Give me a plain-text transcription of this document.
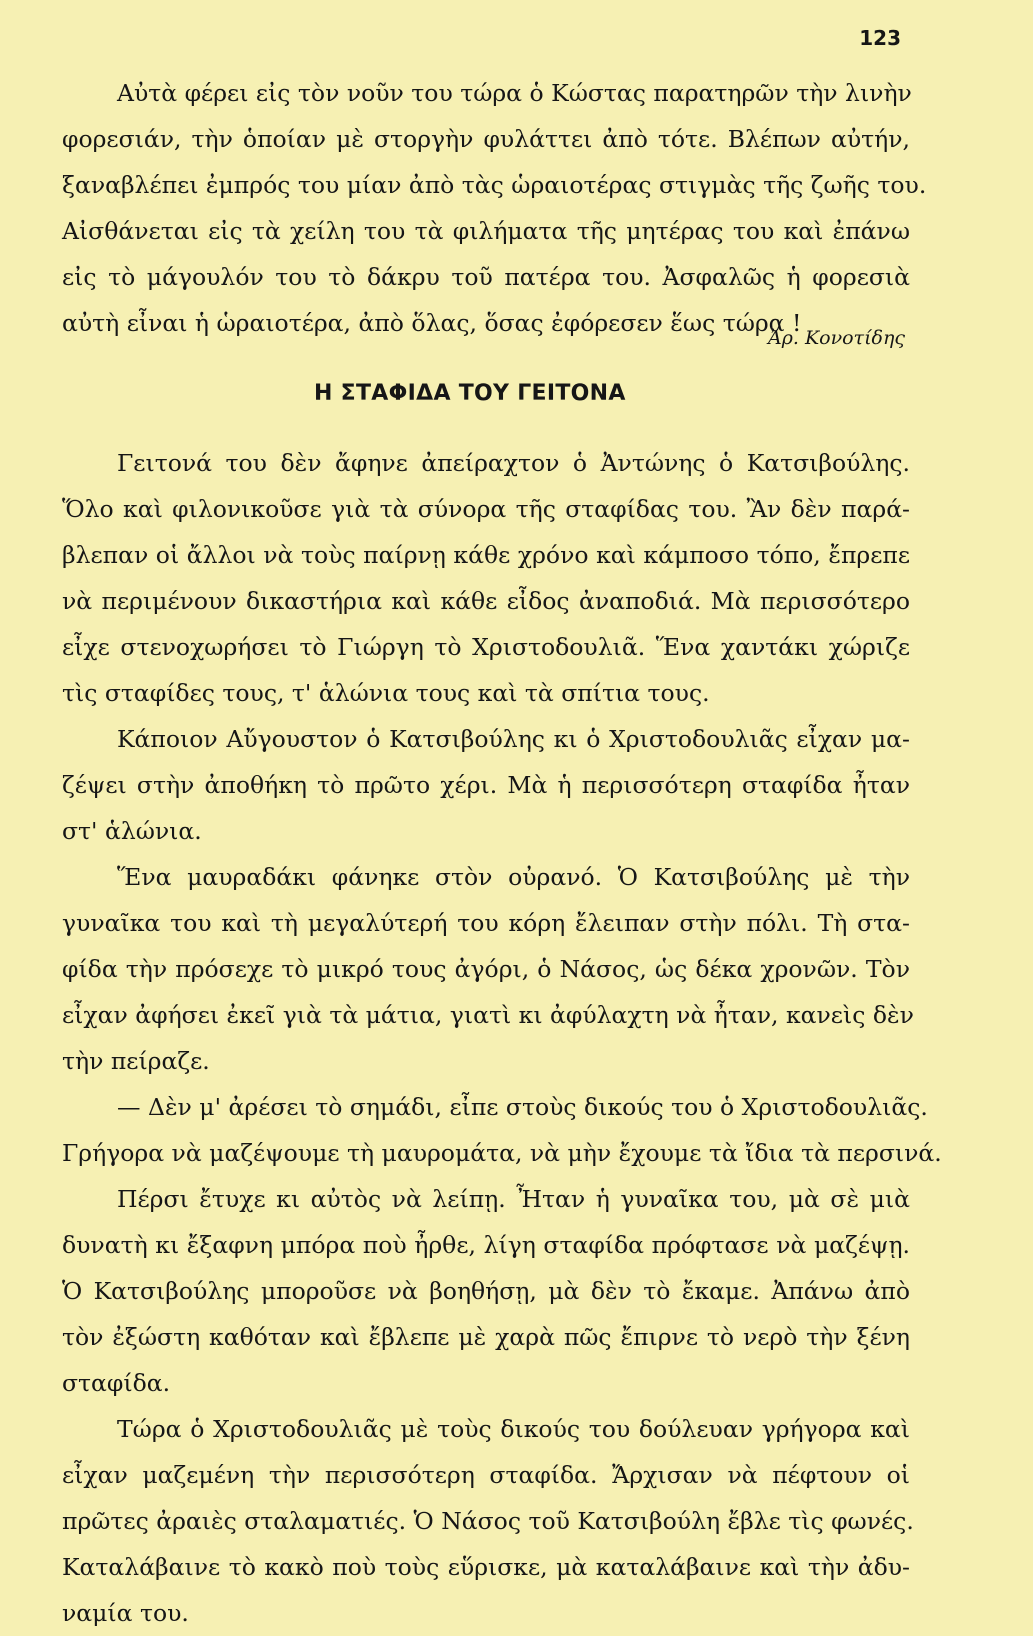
123
Αὐτὰ φέρει εἰς τὸν νοῦν του τώρα ὁ Κώστας παρατηρῶν τὴν λινὴν
φορεσιάν, τὴν ὁποίαν μὲ στοργὴν φυλάττει ἀπὸ τότε. Βλέπων αὐτήν,
ξαναβλέπει ἐμπρός του μίαν ἀπὸ τὰς ὡραιοτέρας στιγμὰς τῆς ζωῆς του.
Αἰσθάνεται εἰς τὰ χείλη του τὰ φιλήματα τῆς μητέρας του καὶ ἐπάνω
εἰς τὸ μάγουλόν του τὸ δάκρυ τοῦ πατέρα του. Ἀσφαλῶς ἡ φορεσιὰ
αὐτὴ εἶναι ἡ ὡραιοτέρα, ἀπὸ ὅλας, ὅσας ἐφόρεσεν ἕως τώρα !
Ἀρ. Κονοτίδης
Η ΣΤΑΦΙΔΑ ΤΟΥ ΓΕΙΤΟΝΑ
Γειτονά του δὲν ἄφηνε ἀπείραχτον ὁ Ἀντώνης ὁ Κατσιβούλης.
Ὅλο καὶ φιλονικοῦσε γιὰ τὰ σύνορα τῆς σταφίδας του. Ἂν δὲν παρά-
βλεπαν οἱ ἄλλοι νὰ τοὺς παίρνῃ κάθε χρόνο καὶ κάμποσο τόπο, ἔπρεπε
νὰ περιμένουν δικαστήρια καὶ κάθε εἶδος ἀναποδιά. Μὰ περισσότερο
εἶχε στενοχωρήσει τὸ Γιώργη τὸ Χριστοδουλιᾶ. Ἕνα χαντάκι χώριζε
τὶς σταφίδες τους, τ' ἁλώνια τους καὶ τὰ σπίτια τους.
Κάποιον Αὔγουστον ὁ Κατσιβούλης κι ὁ Χριστοδουλιᾶς εἶχαν μα-
ζέψει στὴν ἀποθήκη τὸ πρῶτο χέρι. Μὰ ἡ περισσότερη σταφίδα ἦταν
στ' ἁλώνια.
Ἕνα μαυραδάκι φάνηκε στὸν οὐρανό. Ὁ Κατσιβούλης μὲ τὴν
γυναῖκα του καὶ τὴ μεγαλύτερή του κόρη ἔλειπαν στὴν πόλι. Τὴ στα-
φίδα τὴν πρόσεχε τὸ μικρό τους ἀγόρι, ὁ Νάσος, ὡς δέκα χρονῶν. Τὸν
εἶχαν ἀφήσει ἐκεῖ γιὰ τὰ μάτια, γιατὶ κι ἀφύλαχτη νὰ ἦταν, κανεὶς δὲν
τὴν πείραζε.
— Δὲν μ' ἀρέσει τὸ σημάδι, εἶπε στοὺς δικούς του ὁ Χριστοδουλιᾶς.
Γρήγορα νὰ μαζέψουμε τὴ μαυρομάτα, νὰ μὴν ἔχουμε τὰ ἴδια τὰ περσινά.
Πέρσι ἔτυχε κι αὐτὸς νὰ λείπῃ. Ἦταν ἡ γυναῖκα του, μὰ σὲ μιὰ
δυνατὴ κι ἔξαφνη μπόρα ποὺ ἦρθε, λίγη σταφίδα πρόφτασε νὰ μαζέψῃ.
Ὁ Κατσιβούλης μποροῦσε νὰ βοηθήσῃ, μὰ δὲν τὸ ἔκαμε. Ἀπάνω ἀπὸ
τὸν ἐξώστη καθόταν καὶ ἔβλεπε μὲ χαρὰ πῶς ἔπιρνε τὸ νερὸ τὴν ξένη
σταφίδα.
Τώρα ὁ Χριστοδουλιᾶς μὲ τοὺς δικούς του δούλευαν γρήγορα καὶ
εἶχαν μαζεμένη τὴν περισσότερη σταφίδα. Ἄρχισαν νὰ πέφτουν οἱ
πρῶτες ἀραιὲς σταλαματιές. Ὁ Νάσος τοῦ Κατσιβούλη ἔβλε τὶς φωνές.
Καταλάβαινε τὸ κακὸ ποὺ τοὺς εὕρισκε, μὰ καταλάβαινε καὶ τὴν ἀδυ-
ναμία του.
